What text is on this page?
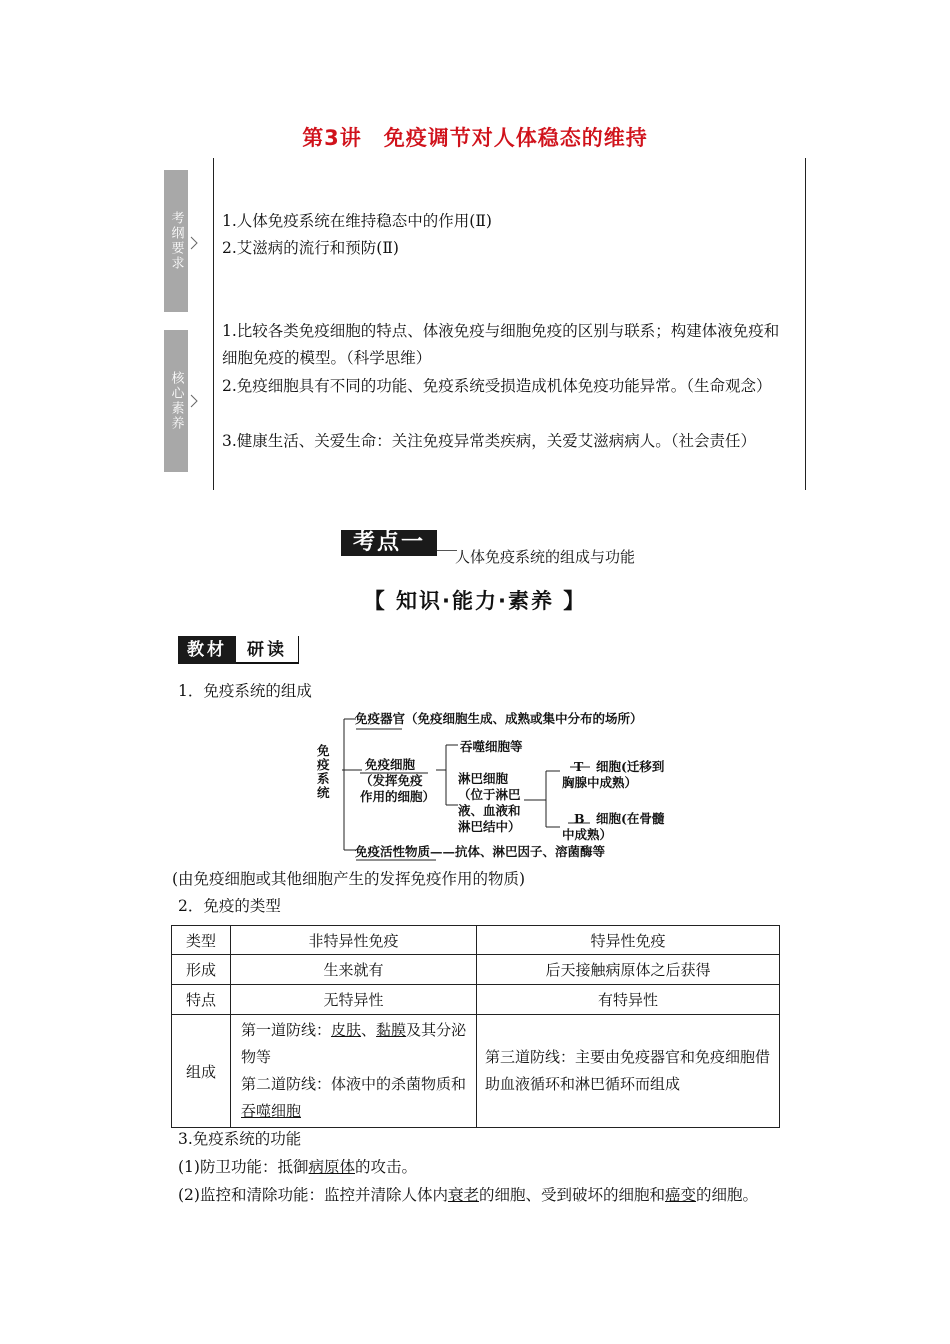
第3讲　免疫调节对人体稳态的维持
考纲要求 1.人体免疫系统在维持稳态中的作用(Ⅱ)
2.艾滋病的流行和预防(Ⅱ)
核心素养
1.比较各类免疫细胞的特点、体液免疫与细胞免疫的区别与联系；构建体液免疫和细胞免疫的模型。（科学思维）
2.免疫细胞具有不同的功能、免疫系统受损造成机体免疫功能异常。（生命观念）
3.健康生活、关爱生命：关注免疫异常类疾病，关爱艾滋病病人。（社会责任）
考点一
人体免疫系统的组成与功能
【 知识·能力·素养 】
教材	研读
1．免疫系统的组成
免疫系统
免疫器官（免疫细胞生成、成熟或集中分布的场所）
免疫细胞
（发挥免疫
作用的细胞）
吞噬细胞等
淋巴细胞
（位于淋巴
液、血液和
淋巴结中）
T 细胞(迁移到
胸腺中成熟）
B 细胞(在骨髓
中成熟）
免疫活性物质——抗体、淋巴因子、溶菌酶等
(由免疫细胞或其他细胞产生的发挥免疫作用的物质)
2．免疫的类型
类型	非特异性免疫	特异性免疫
形成	生来就有	后天接触病原体之后获得
特点	无特异性	有特异性
组成	第一道防线：皮肤、黏膜及其分泌物等
第二道防线：体液中的杀菌物质和吞噬细胞	第三道防线：主要由免疫器官和免疫细胞借助血液循环和淋巴循环而组成
3.免疫系统的功能
(1)防卫功能：抵御病原体的攻击。
(2)监控和清除功能：监控并清除人体内衰老的细胞、受到破坏的细胞和癌变的细胞。
